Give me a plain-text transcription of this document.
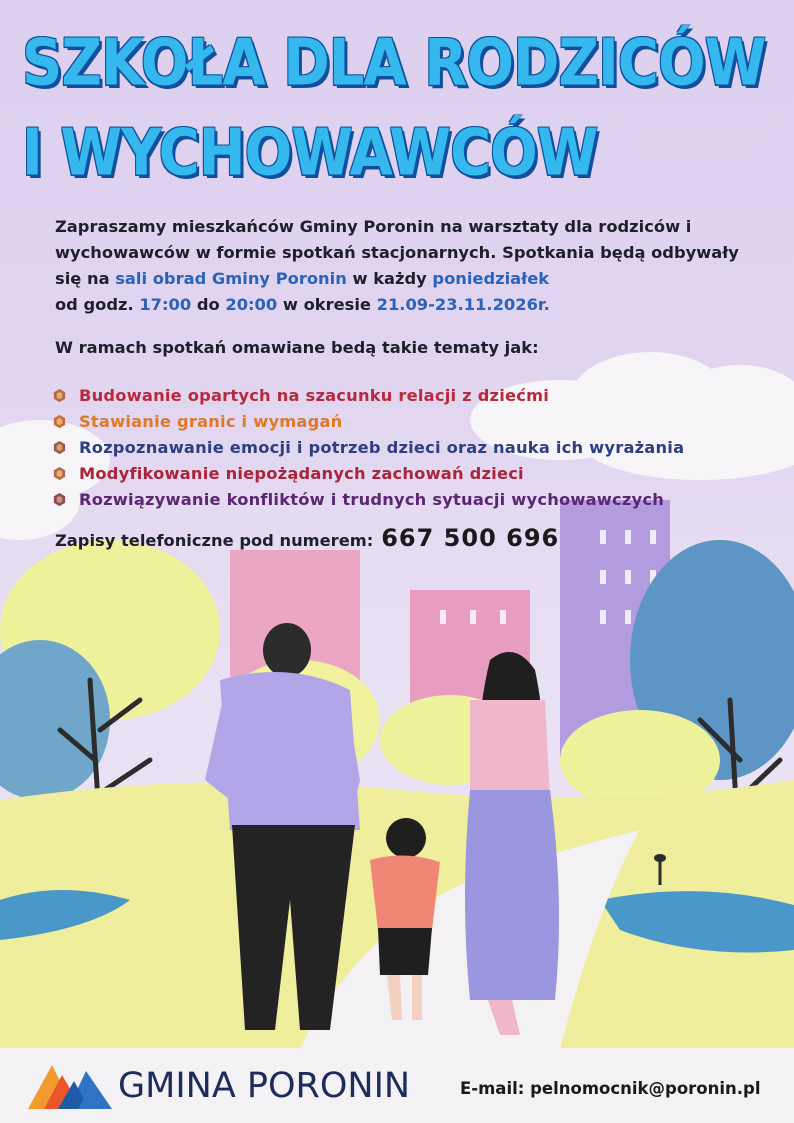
SZKOŁA DLA RODZICÓW
I WYCHOWAWCÓW

Zapraszamy mieszkańców Gminy Poronin na warsztaty dla rodziców i wychowawców w formie spotkań stacjonarnych. Spotkania będą odbywały się na sali obrad Gminy Poronin w każdy poniedziałek
od godz. 17:00 do 20:00 w okresie 21.09-23.11.2026r.

W ramach spotkań omawiane bedą takie tematy jak:

Budowanie opartych na szacunku relacji z dziećmi
Stawianie granic i wymagań
Rozpoznawanie emocji i potrzeb dzieci oraz nauka ich wyrażania
Modyfikowanie niepożądanych zachowań dzieci
Rozwiązywanie konfliktów i trudnych sytuacji wychowawczych
Zapisy telefoniczne pod numerem: 667 500 696
GMINA PORONIN	E-mail: pelnomocnik@poronin.pl
